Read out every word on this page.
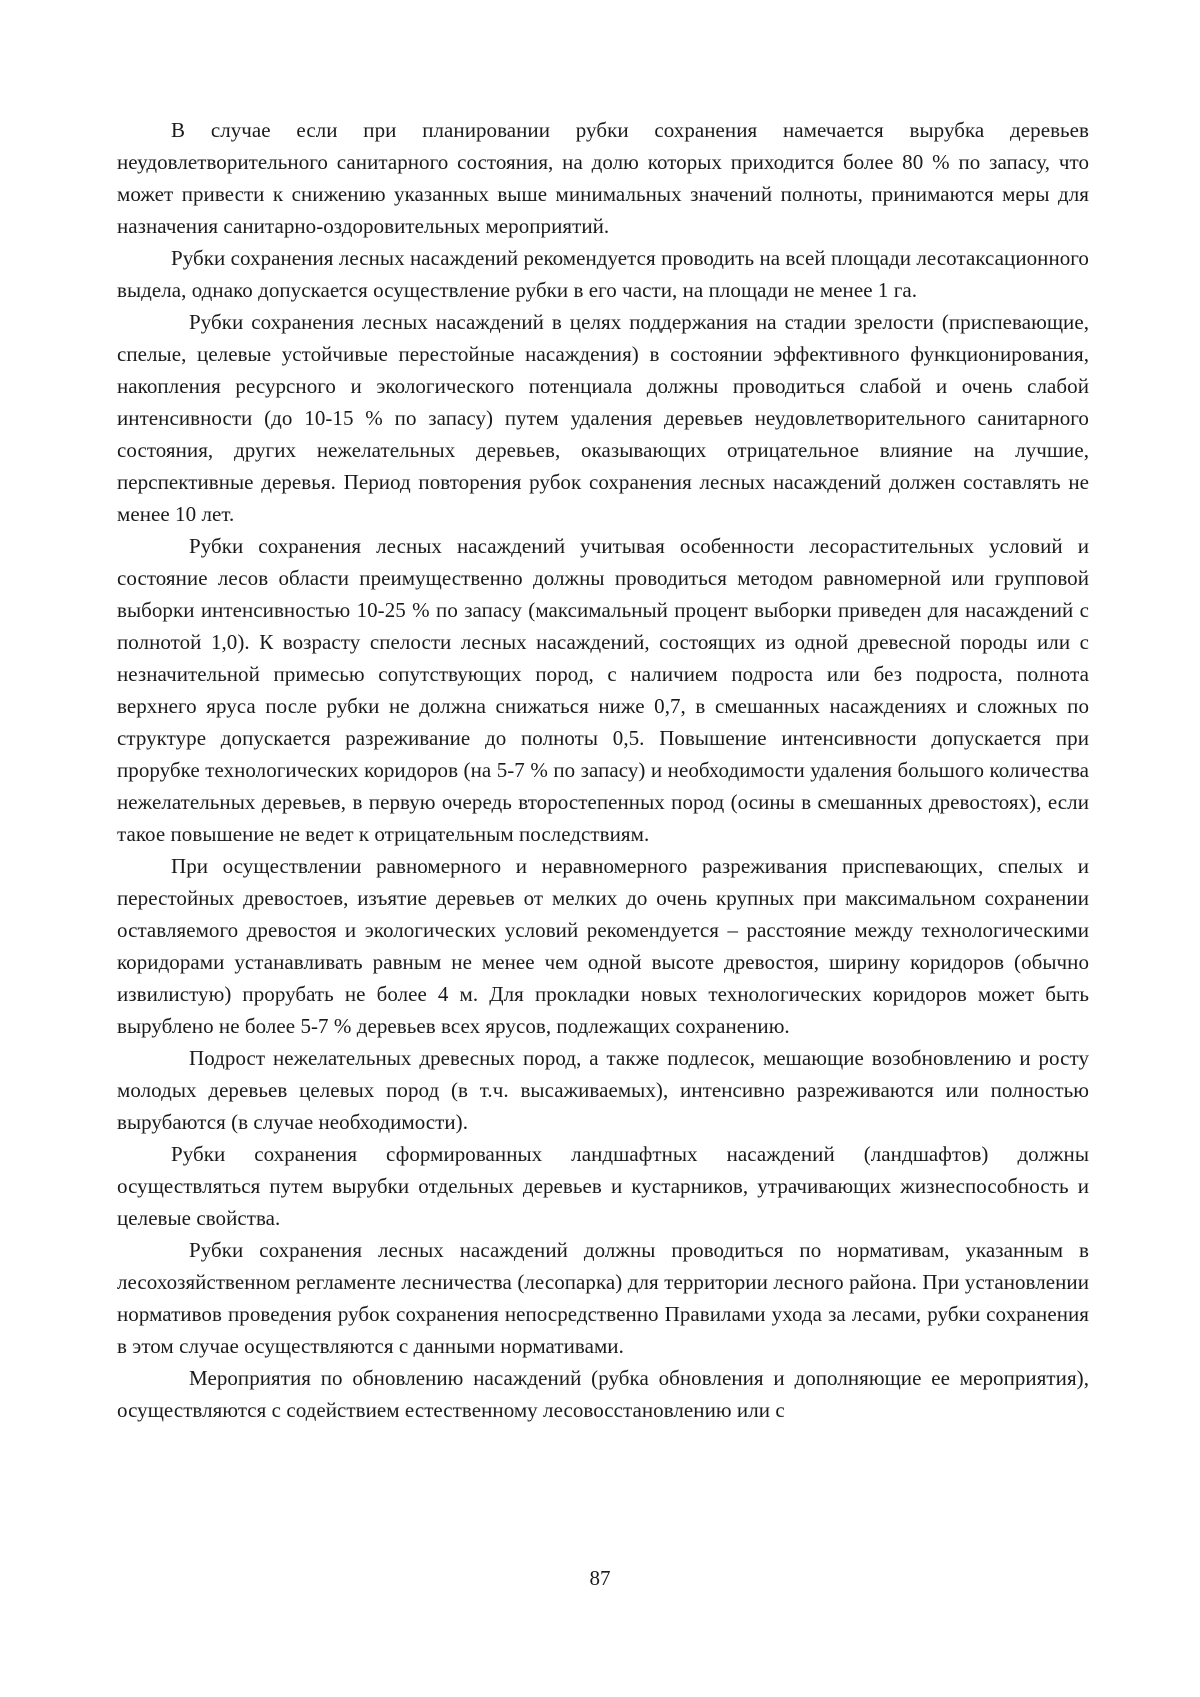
В случае если при планировании рубки сохранения намечается вырубка деревьев неудовлетворительного санитарного состояния, на долю которых приходится более 80 % по запасу, что может привести к снижению указанных выше минимальных значений полноты, принимаются меры для назначения санитарно-оздоровительных мероприятий.

Рубки сохранения лесных насаждений рекомендуется проводить на всей площади лесотаксационного выдела, однако допускается осуществление рубки в его части, на площади не менее 1 га.

Рубки сохранения лесных насаждений в целях поддержания на стадии зрелости (приспевающие, спелые, целевые устойчивые перестойные насаждения) в состоянии эффективного функционирования, накопления ресурсного и экологического потенциала должны проводиться слабой и очень слабой интенсивности (до 10-15 % по запасу) путем удаления деревьев неудовлетворительного санитарного состояния, других нежелательных деревьев, оказывающих отрицательное влияние на лучшие, перспективные деревья. Период повторения рубок сохранения лесных насаждений должен составлять не менее 10 лет.

Рубки сохранения лесных насаждений учитывая особенности лесорастительных условий и состояние лесов области преимущественно должны проводиться методом равномерной или групповой выборки интенсивностью 10-25 % по запасу (максимальный процент выборки приведен для насаждений с полнотой 1,0). К возрасту спелости лесных насаждений, состоящих из одной древесной породы или с незначительной примесью сопутствующих пород, с наличием подроста или без подроста, полнота верхнего яруса после рубки не должна снижаться ниже 0,7, в смешанных насаждениях и сложных по структуре допускается разреживание до полноты 0,5. Повышение интенсивности допускается при прорубке технологических коридоров (на 5-7 % по запасу) и необходимости удаления большого количества нежелательных деревьев, в первую очередь второстепенных пород (осины в смешанных древостоях), если такое повышение не ведет к отрицательным последствиям.

При осуществлении равномерного и неравномерного разреживания приспевающих, спелых и перестойных древостоев, изъятие деревьев от мелких до очень крупных при максимальном сохранении оставляемого древостоя и экологических условий рекомендуется – расстояние между технологическими коридорами устанавливать равным не менее чем одной высоте древостоя, ширину коридоров (обычно извилистую) прорубать не более 4 м. Для прокладки новых технологических коридоров может быть вырублено не более 5-7 % деревьев всех ярусов, подлежащих сохранению.

Подрост нежелательных древесных пород, а также подлесок, мешающие возобновлению и росту молодых деревьев целевых пород (в т.ч. высаживаемых), интенсивно разреживаются или полностью вырубаются (в случае необходимости).

Рубки сохранения сформированных ландшафтных насаждений (ландшафтов) должны осуществляться путем вырубки отдельных деревьев и кустарников, утрачивающих жизнеспособность и целевые свойства.

Рубки сохранения лесных насаждений должны проводиться по нормативам, указанным в лесохозяйственном регламенте лесничества (лесопарка) для территории лесного района. При установлении нормативов проведения рубок сохранения непосредственно Правилами ухода за лесами, рубки сохранения в этом случае осуществляются с данными нормативами.

Мероприятия по обновлению насаждений (рубка обновления и дополняющие ее мероприятия), осуществляются с содействием естественному лесовосстановлению или с

87
